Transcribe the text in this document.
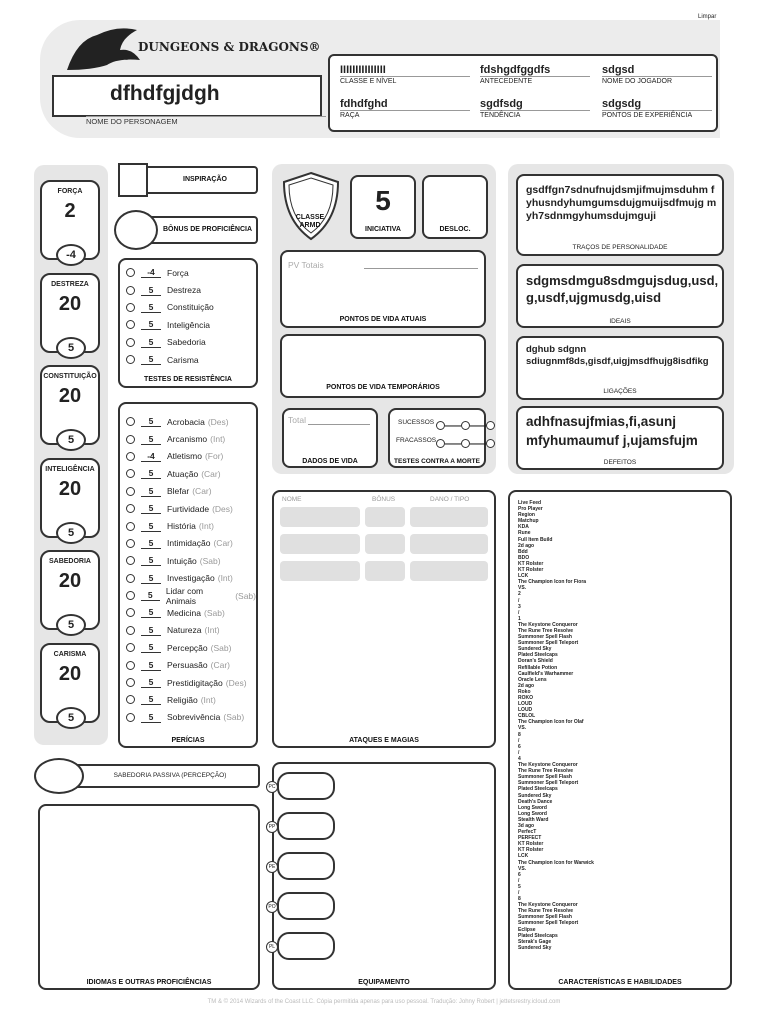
Limpar
DUNGEONS & DRAGONS®
dfhdfgjdgh
NOME DO PERSONAGEM
IIIIIIIIIIIIIII
CLASSE E NÍVEL
fdshgdfggdfs
ANTECEDENTE
sdgsd
NOME DO JOGADOR
fdhdfghd
RAÇA
sgdfsdg
TENDÊNCIA
sdgsdg
PONTOS DE EXPERIÊNCIA
FORÇA
2
-4
DESTREZA
20
5
CONSTITUIÇÃO
20
5
INTELIGÊNCIA
20
5
SABEDORIA
20
5
CARISMA
20
5
INSPIRAÇÃO
BÔNUS DE PROFICIÊNCIA
-4	Força
5	Destreza
5	Constituição
5	Inteligência
5	Sabedoria
5	Carisma
TESTES DE RESISTÊNCIA
5	Acrobacia (Des)
5	Arcanismo (Int)
-4	Atletismo (For)
5	Atuação (Car)
5	Blefar (Car)
5	Furtividade (Des)
5	História (Int)
5	Intimidação (Car)
5	Intuição (Sab)
5	Investigação (Int)
5	Lidar com Animais
(Sab)
5	Medicina (Sab)
5	Natureza (Int)
5	Percepção (Sab)
5	Persuasão (Car)
5	Prestidigitação (Des)
5	Religião (Int)
5	Sobrevivência (Sab)
PERÍCIAS
CLASSE ARMD
5
INICIATIVA	DESLOC.
PV Totais
PONTOS DE VIDA ATUAIS
PONTOS DE VIDA TEMPORÁRIOS
Total
DADOS DE VIDA
SUCESSOS
FRACASSOS
— —
— —
TESTES CONTRA A MORTE
gsdffgn7sdnufnujdsmjifmujmsduhm fyhusndyhumgumsdujgmuijsdfmujg myh7sdnmgyhumsdujmguji
TRAÇOS DE PERSONALIDADE
sdgmsdmgu8sdmgujsdug,usd,g,usdf,ujgmusdg,uisd
IDEAIS
dghub sdgnn sdiugnmf8ds,gisdf,uigjmsdfhujg8isdfikg
LIGAÇÕES
adhfnasujfmias,fi,asunj mfyhumaumuf j,ujamsfujm
DEFEITOS
NOME	BÔNUS	DANO / TIPO
ATAQUES E MAGIAS
SABEDORIA PASSIVA (PERCEPÇÃO)
IDIOMAS E OUTRAS PROFICIÊNCIAS
PC
PP
PE
PO
PL
EQUIPAMENTO
Live Feed
Pro Player
Region
Matchup
KDA
Rune
Full Item Build
2d ago
Bdd
BDO
KT Rolster
KT Rolster
LCK
The Champion Icon for Fiora
VS.
2
/
3
/
1
The Keystone Conqueror
The Rune Tree Resolve
Summoner Spell Flash
Summoner Spell Teleport
Sundered Sky
Plated Steelcaps
Doran's Shield
Refillable Potion
Caulfield's Warhammer
Oracle Lens
2d ago
Roko
ROKO
LOUD
LOUD
CBLOL
The Champion Icon for Olaf
VS.
8
/
6
/
4
The Keystone Conqueror
The Rune Tree Resolve
Summoner Spell Flash
Summoner Spell Teleport
Plated Steelcaps
Sundered Sky
Death's Dance
Long Sword
Long Sword
Stealth Ward
3d ago
PerfecT
PERFECT
KT Rolster
KT Rolster
LCK
The Champion Icon for Warwick
VS.
6
/
5
/
8
The Keystone Conqueror
The Rune Tree Resolve
Summoner Spell Flash
Summoner Spell Teleport
Eclipse
Plated Steelcaps
Sterak's Gage
Sundered Sky
CARACTERÍSTICAS E HABILIDADES
TM & © 2014 Wizards of the Coast LLC. Cópia permitida apenas para uso pessoal. Tradução: Johny Robert | jettetsrestry.icloud.com
